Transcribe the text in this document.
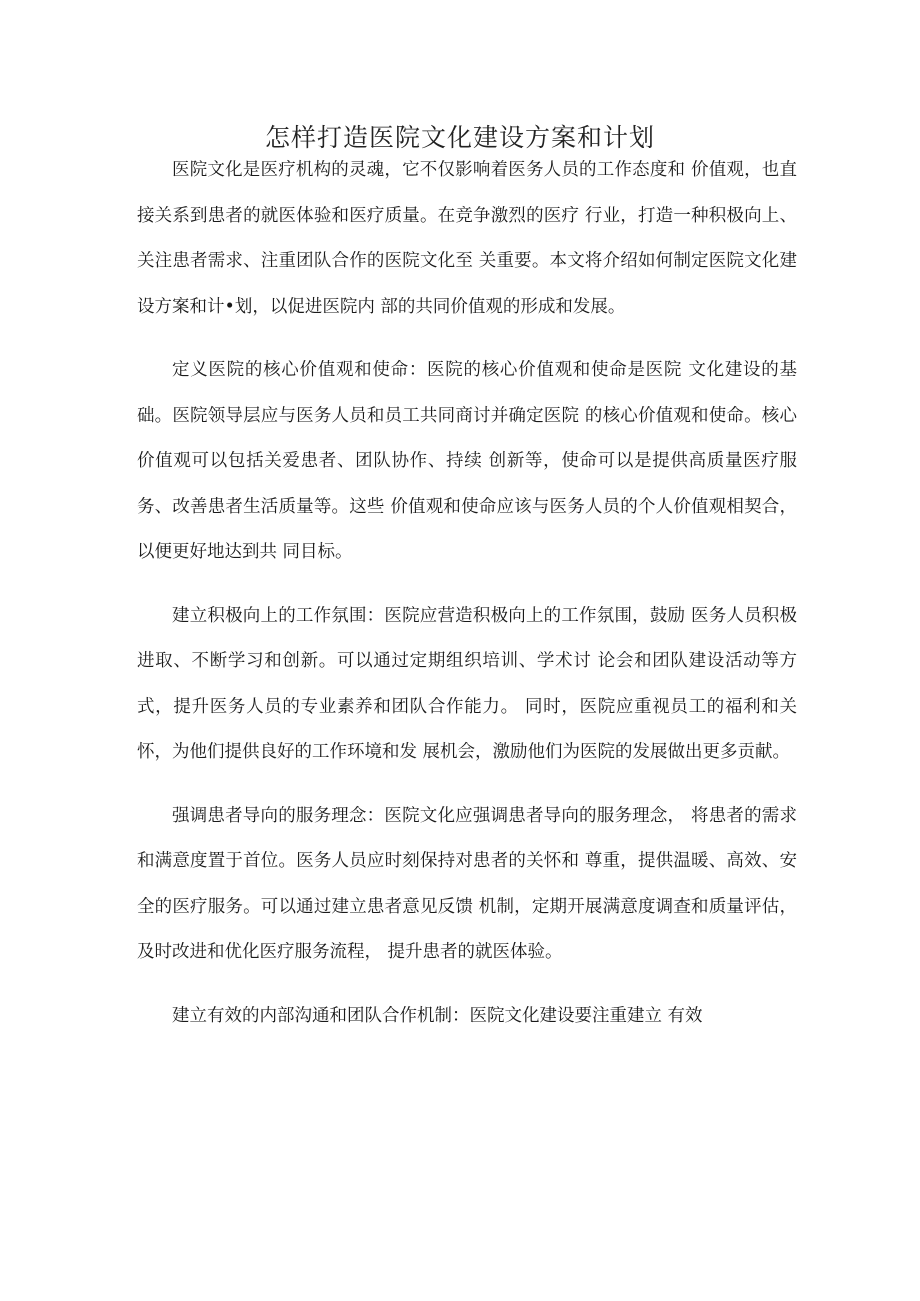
怎样打造医院文化建设方案和计划

医院文化是医疗机构的灵魂，它不仅影响着医务人员的工作态度和 价值观，也直接关系到患者的就医体验和医疗质量。在竞争激烈的医疗 行业，打造一种积极向上、关注患者需求、注重团队合作的医院文化至 关重要。本文将介绍如何制定医院文化建设方案和计•划，以促进医院内 部的共同价值观的形成和发展。

定义医院的核心价值观和使命：医院的核心价值观和使命是医院 文化建设的基础。医院领导层应与医务人员和员工共同商讨并确定医院 的核心价值观和使命。核心价值观可以包括关爱患者、团队协作、持续 创新等，使命可以是提供高质量医疗服务、改善患者生活质量等。这些 价值观和使命应该与医务人员的个人价值观相契合，以便更好地达到共 同目标。

建立积极向上的工作氛围：医院应营造积极向上的工作氛围，鼓励 医务人员积极进取、不断学习和创新。可以通过定期组织培训、学术讨 论会和团队建设活动等方式，提升医务人员的专业素养和团队合作能力。 同时，医院应重视员工的福利和关怀，为他们提供良好的工作环境和发 展机会，激励他们为医院的发展做出更多贡献。

强调患者导向的服务理念：医院文化应强调患者导向的服务理念， 将患者的需求和满意度置于首位。医务人员应时刻保持对患者的关怀和 尊重，提供温暖、高效、安全的医疗服务。可以通过建立患者意见反馈 机制，定期开展满意度调查和质量评估，及时改进和优化医疗服务流程， 提升患者的就医体验。

建立有效的内部沟通和团队合作机制：医院文化建设要注重建立 有效
